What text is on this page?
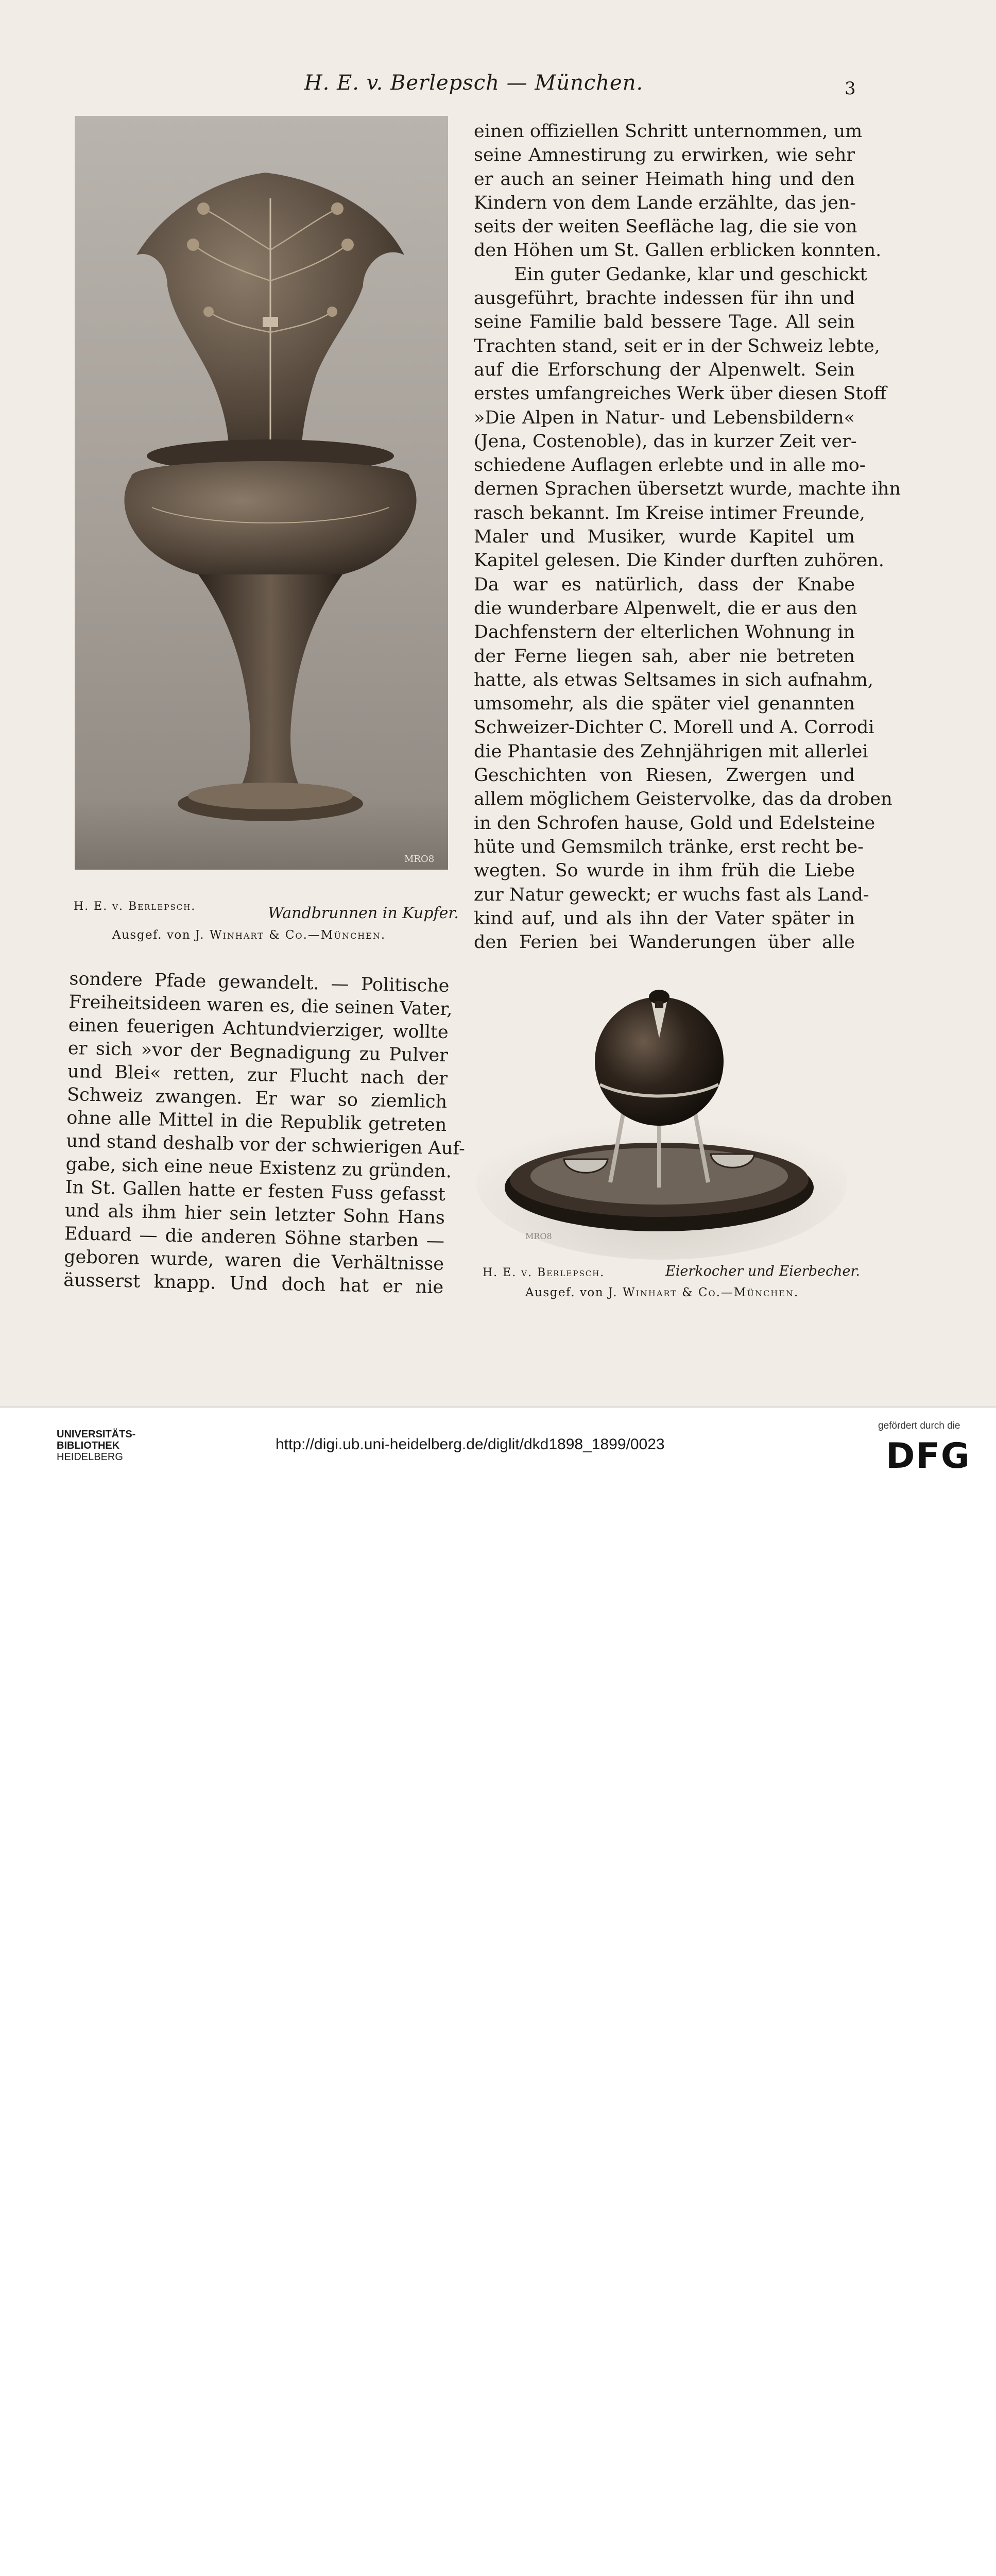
H. E. v. Berlepsch — München.	3
MRO8
H. E. v. Berlepsch.	Wandbrunnen in Kupfer.
Ausgef. von J. Winhart & Co.—München.
einen offiziellen Schritt unternommen, um
seine Amnestirung zu erwirken, wie sehr
er auch an seiner Heimath hing und den
Kindern von dem Lande erzählte, das jen-
seits der weiten Seefläche lag, die sie von
den Höhen um St. Gallen erblicken konnten.
Ein guter Gedanke, klar und geschickt
ausgeführt, brachte indessen für ihn und
seine Familie bald bessere Tage. All sein
Trachten stand, seit er in der Schweiz lebte,
auf die Erforschung der Alpenwelt. Sein
erstes umfangreiches Werk über diesen Stoff
»Die Alpen in Natur- und Lebensbildern«
(Jena, Costenoble), das in kurzer Zeit ver-
schiedene Auflagen erlebte und in alle mo-
dernen Sprachen übersetzt wurde, machte ihn
rasch bekannt. Im Kreise intimer Freunde,
Maler und Musiker, wurde Kapitel um
Kapitel gelesen. Die Kinder durften zuhören.
Da war es natürlich, dass der Knabe
die wunderbare Alpenwelt, die er aus den
Dachfenstern der elterlichen Wohnung in
der Ferne liegen sah, aber nie betreten
hatte, als etwas Seltsames in sich aufnahm,
umsomehr, als die später viel genannten
Schweizer-Dichter C. Morell und A. Corrodi
die Phantasie des Zehnjährigen mit allerlei
Geschichten von Riesen, Zwergen und
allem möglichem Geistervolke, das da droben
in den Schrofen hause, Gold und Edelsteine
hüte und Gemsmilch tränke, erst recht be-
wegten. So wurde in ihm früh die Liebe
zur Natur geweckt; er wuchs fast als Land-
kind auf, und als ihn der Vater später in
den Ferien bei Wanderungen über alle
sondere Pfade gewandelt. — Politische
Freiheitsideen waren es, die seinen Vater,
einen feuerigen Achtundvierziger, wollte
er sich »vor der Begnadigung zu Pulver
und Blei« retten, zur Flucht nach der
Schweiz zwangen. Er war so ziemlich
ohne alle Mittel in die Republik getreten
und stand deshalb vor der schwierigen Auf-
gabe, sich eine neue Existenz zu gründen.
In St. Gallen hatte er festen Fuss gefasst
und als ihm hier sein letzter Sohn Hans
Eduard — die anderen Söhne starben —
geboren wurde, waren die Verhältnisse
äusserst knapp. Und doch hat er nie
MRO8
H. E. v. Berlepsch.	Eierkocher und Eierbecher.
Ausgef. von J. Winhart & Co.—München.
UNIVERSITÄTS-
BIBLIOTHEK
HEIDELBERG
http://digi.ub.uni-heidelberg.de/diglit/dkd1898_1899/0023
gefördert durch die
DFG
